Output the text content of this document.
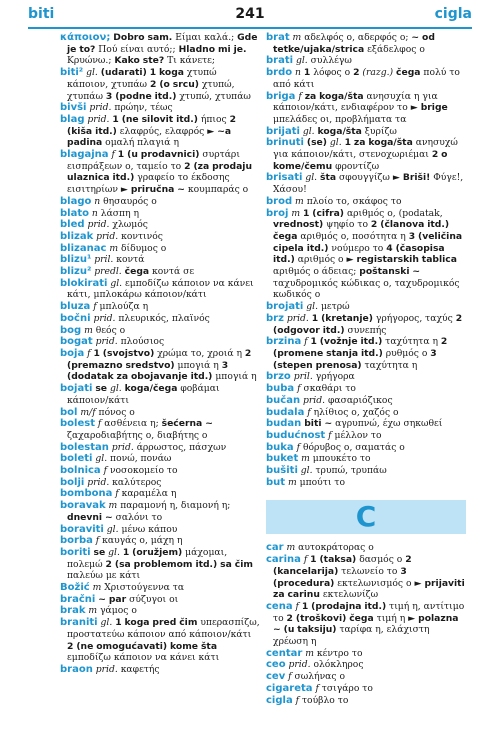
biti	241	cigla

κάποιον; Dobro sam. Είμαι καλά.; Gde je to? Πού είναι αυτό;; Hladno mi je. Κρυώνω.; Kako ste? Τι κάνετε;

biti² gl. (udarati) 1 koga χτυπώ κάποιον, χτυπάω 2 (o srcu) χτυπώ, χτυπάω 3 (podne itd.) χτυπώ, χτυπάω

bivši prid. πρώην, τέως

blag prid. 1 (ne silovit itd.) ήπιος 2 (kiša itd.) ελαφρύς, ελαφρός ► ~a padina ομαλή πλαγιά η

blagajna f 1 (u prodavnici) συρτάρι εισπράξεων ο, ταμείο το 2 (za prodaju ulaznica itd.) γραφείο το έκδοσης εισιτηρίων ► priručna ~ κουμπαράς ο

blago n θησαυρός ο

blato n λάσπη η

bled prid. χλωμός

blizak prid. κοντινός

blizanac m δίδυμος ο

blizu¹ pril. κοντά

blizu² predl. čega κοντά σε

blokirati gl. εμποδίζω κάποιον να κάνει κάτι, μπλοκάρω κάποιον/κάτι

bluza f μπλούζα η

bočni prid. πλευρικός, πλαϊνός

bog m θεός ο

bogat prid. πλούσιος

boja f 1 (svojstvo) χρώμα το, χροιά η 2 (premazno sredstvo) μπογιά η 3 (dodatak za obojavanje itd.) μπογιά η

bojati se gl. koga/čega φοβάμαι κάποιον/κάτι

bol m/f πόνος ο

bolest f ασθένεια η; šećerna ~ ζαχαροδιαβήτης ο, διαβήτης ο

bolestan prid. άρρωστος, πάσχων

boleti gl. πονώ, πονάω

bolnica f νοσοκομείο το

bolji prid. καλύτερος

bombona f καραμέλα η

boravak m παραμονή η, διαμονή η; dnevni ~ σαλόνι το

boraviti gl. μένω κάπου

borba f καυγάς ο, μάχη η

boriti se gl. 1 (oružjem) μάχομαι, πολεμώ 2 (sa problemom itd.) sa čim παλεύω με κάτι

Božić m Χριστούγεννα τα

bračni ~ par σύζυγοι οι

brak m γάμος ο

braniti gl. 1 koga pred čim υπερασπίζω, προστατεύω κάποιον από κάποιον/κάτι 2 (ne omogućavati) kome šta εμποδίζω κάποιον να κάνει κάτι

braon prid. καφετής

brat m αδελφός ο, αδερφός ο; ~ od tetke/ujaka/strica εξάδελφος ο

brati gl. συλλέγω

brdo n 1 λόφος ο 2 (razg.) čega πολύ το από κάτι

briga f za koga/šta ανησυχία η για κάποιον/κάτι, ενδιαφέρον το ► brige μπελάδες οι, προβλήματα τα

brijati gl. koga/šta ξυρίζω

brinuti (se) gl. 1 za koga/šta ανησυχώ για κάποιον/κάτι, στενοχωριέμαι 2 o kome/čemu φροντίζω

brisati gl. šta σφουγγίζω ► Briši! Φύγε!, Χάσου!

brod m πλοίο το, σκάφος το

broj m 1 (cifra) αριθμός ο, (podatak, vrednost) ψηφίο το 2 (članova itd.) čega αριθμός ο, ποσότητα η 3 (veličina cipela itd.) νούμερο το 4 (časopisa itd.) αριθμός ο ► registarskih tablica αριθμός ο άδειας; poštanski ~ ταχυδρομικός κώδικας ο, ταχυδρομικός κωδικός ο

brojati gl. μετρώ

brz prid. 1 (kretanje) γρήγορος, ταχύς 2 (odgovor itd.) συνεπής

brzina f 1 (vožnje itd.) ταχύτητα η 2 (promene stanja itd.) ρυθμός ο 3 (stepen prenosa) ταχύτητα η

brzo pril. γρήγορα

buba f σκαθάρι το

bučan prid. φασαριόζικος

budala f ηλίθιος ο, χαζός ο

budan biti ~ αγρυπνώ, έχω σηκωθεί

budućnost f μέλλον το

buka f θόρυβος ο, σαματάς ο

buket m μπουκέτο το

bušiti gl. τρυπώ, τρυπάω

but m μπούτι το

C

car m αυτοκράτορας ο

carina f 1 (taksa) δασμός ο 2 (kancelarija) τελωνείο το 3 (procedura) εκτελωνισμός ο ► prijaviti za carinu εκτελωνίζω

cena f 1 (prodajna itd.) τιμή η, αντίτιμο το 2 (troškovi) čega τιμή η ► polazna ~ (u taksiju) ταρίφα η, ελάχιστη χρέωση η

centar m κέντρο το

ceo prid. ολόκληρος

cev f σωλήνας ο

cigareta f τσιγάρο το

cigla f τούβλο το
